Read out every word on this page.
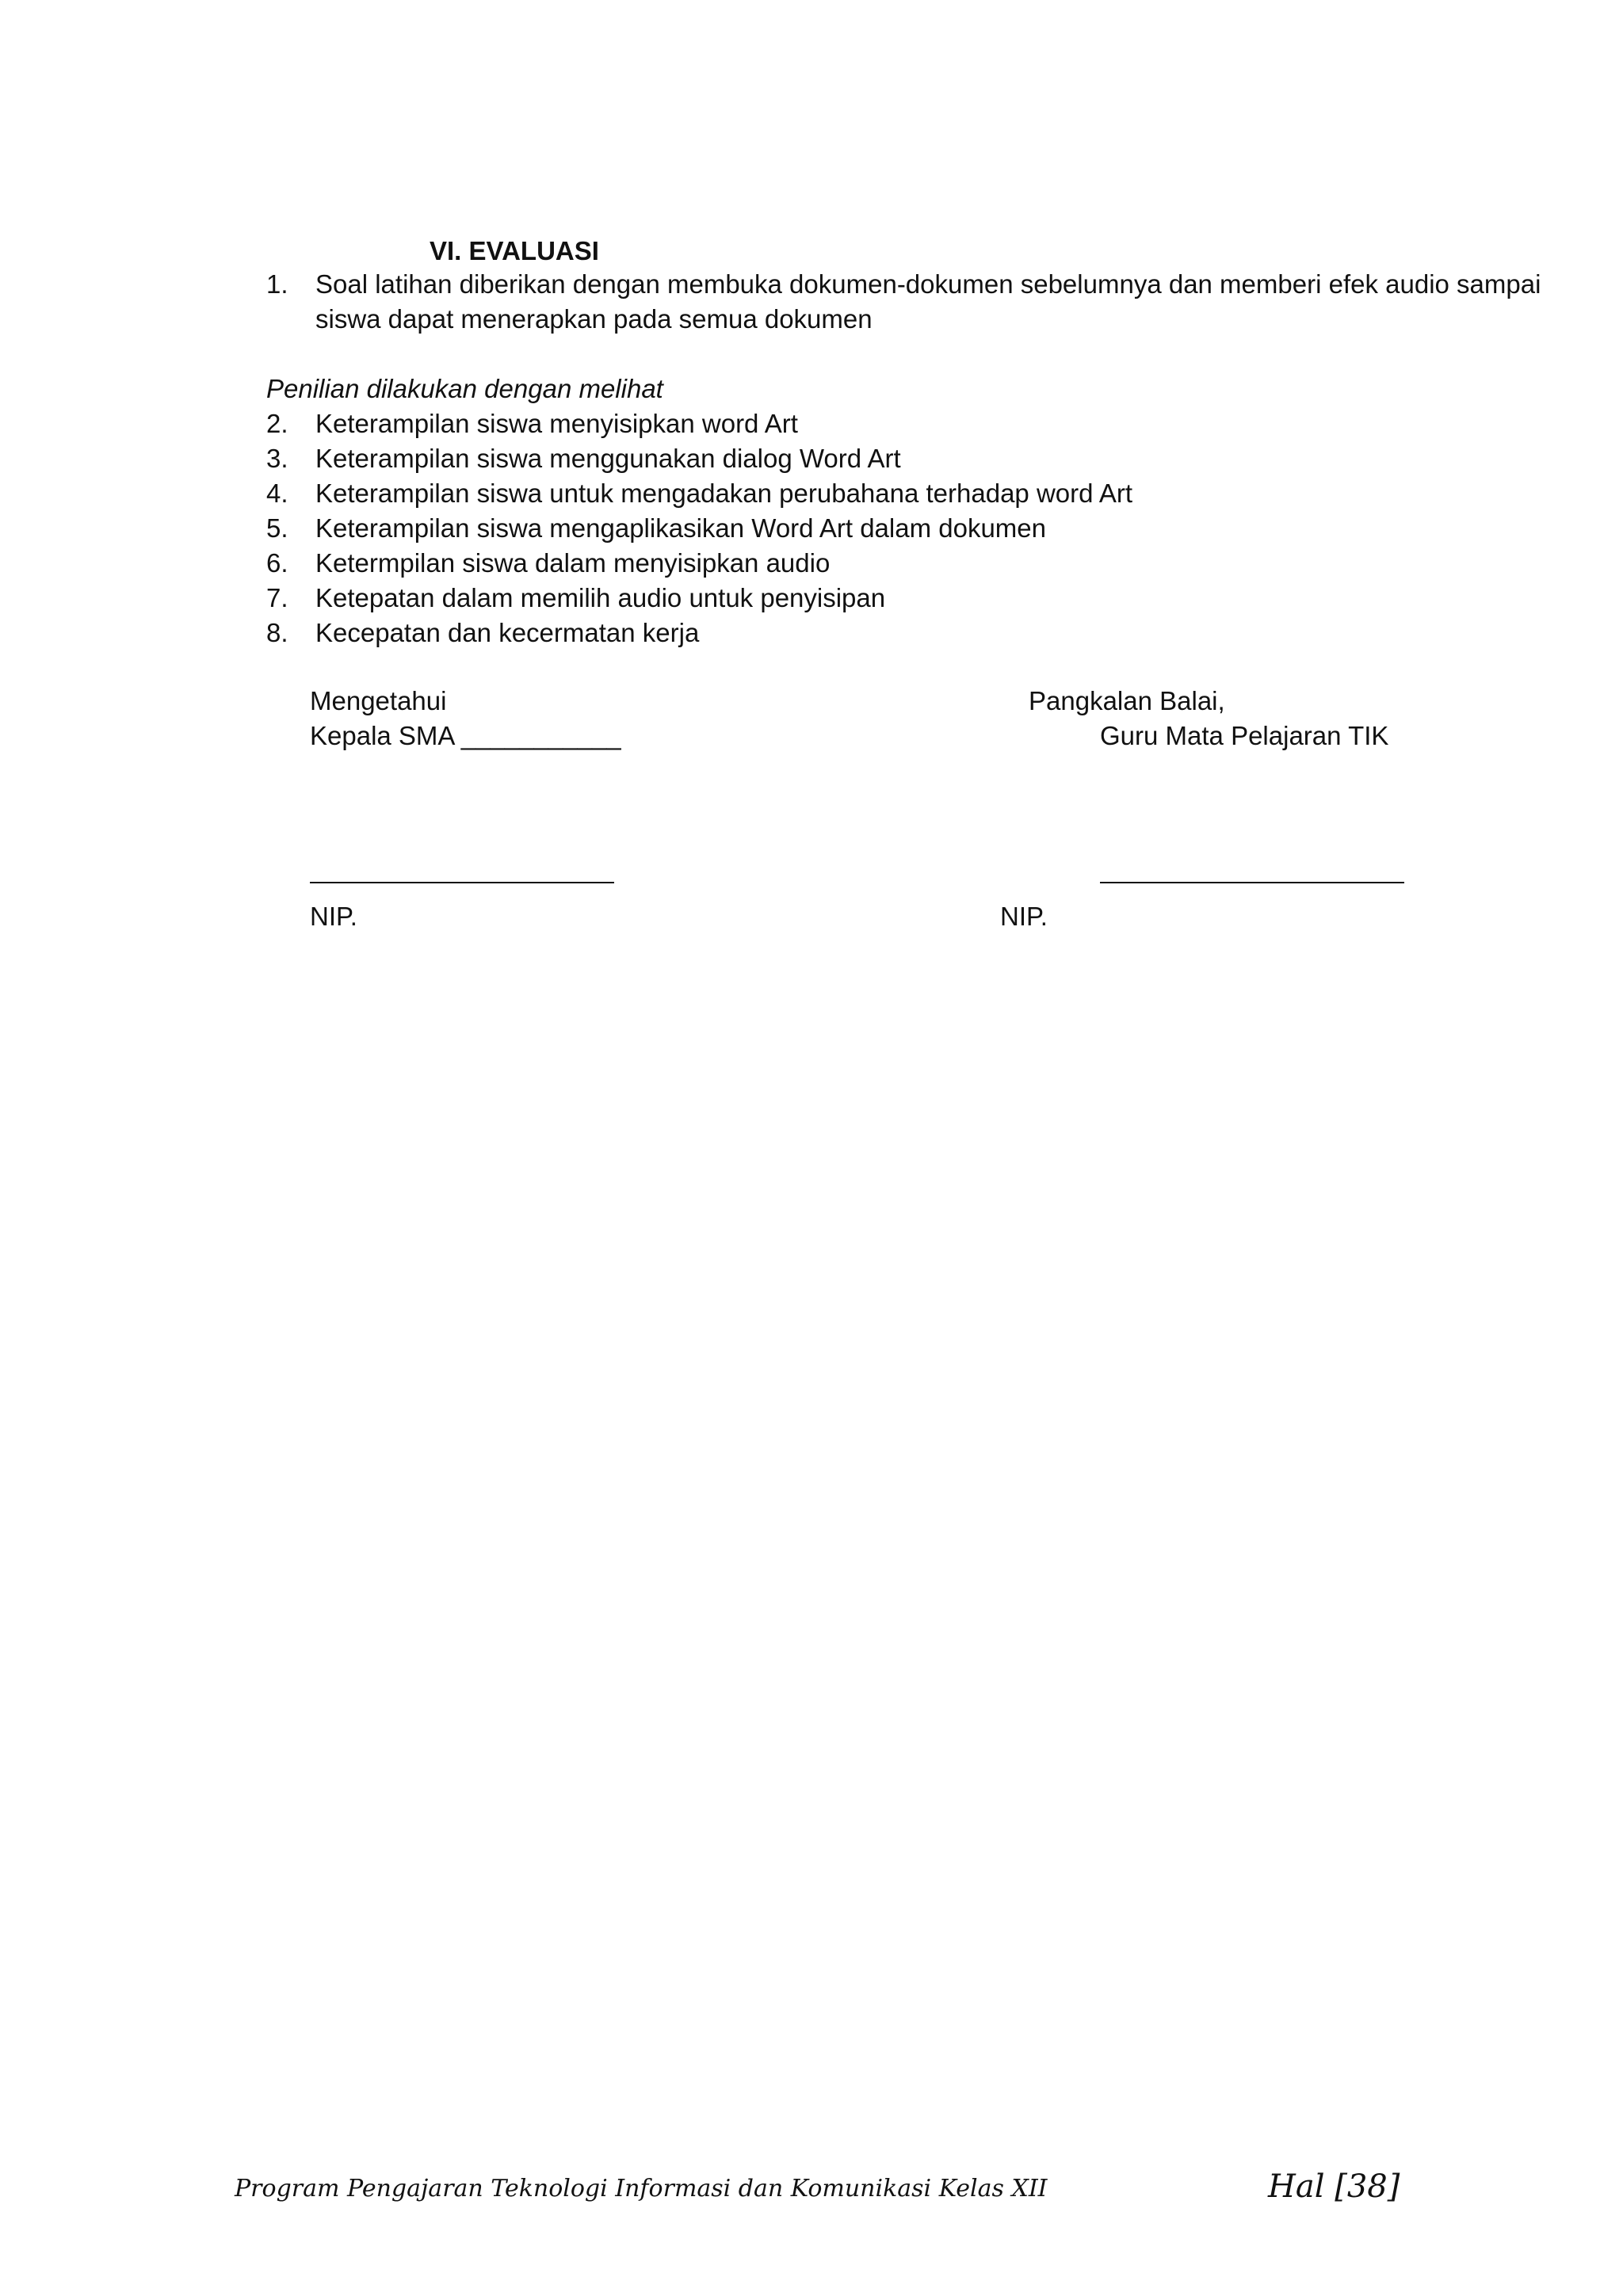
VI. EVALUASI
1.	Soal latihan diberikan dengan membuka dokumen-dokumen sebelumnya dan memberi efek audio sampai
siswa dapat menerapkan pada semua dokumen
Penilian dilakukan dengan melihat
2.	Keterampilan siswa menyisipkan word Art
3.	Keterampilan siswa menggunakan dialog Word Art
4.	Keterampilan siswa untuk mengadakan perubahana terhadap word Art
5.	Keterampilan siswa mengaplikasikan Word Art dalam dokumen
6.	Ketermpilan siswa dalam menyisipkan audio
7.	Ketepatan dalam memilih audio untuk penyisipan
8.	Kecepatan dan kecermatan kerja
Mengetahui
Kepala SMA ___________
Pangkalan Balai,
Guru Mata Pelajaran TIK
NIP.	NIP.
Program Pengajaran Teknologi Informasi dan Komunikasi Kelas XII	Hal [38]
